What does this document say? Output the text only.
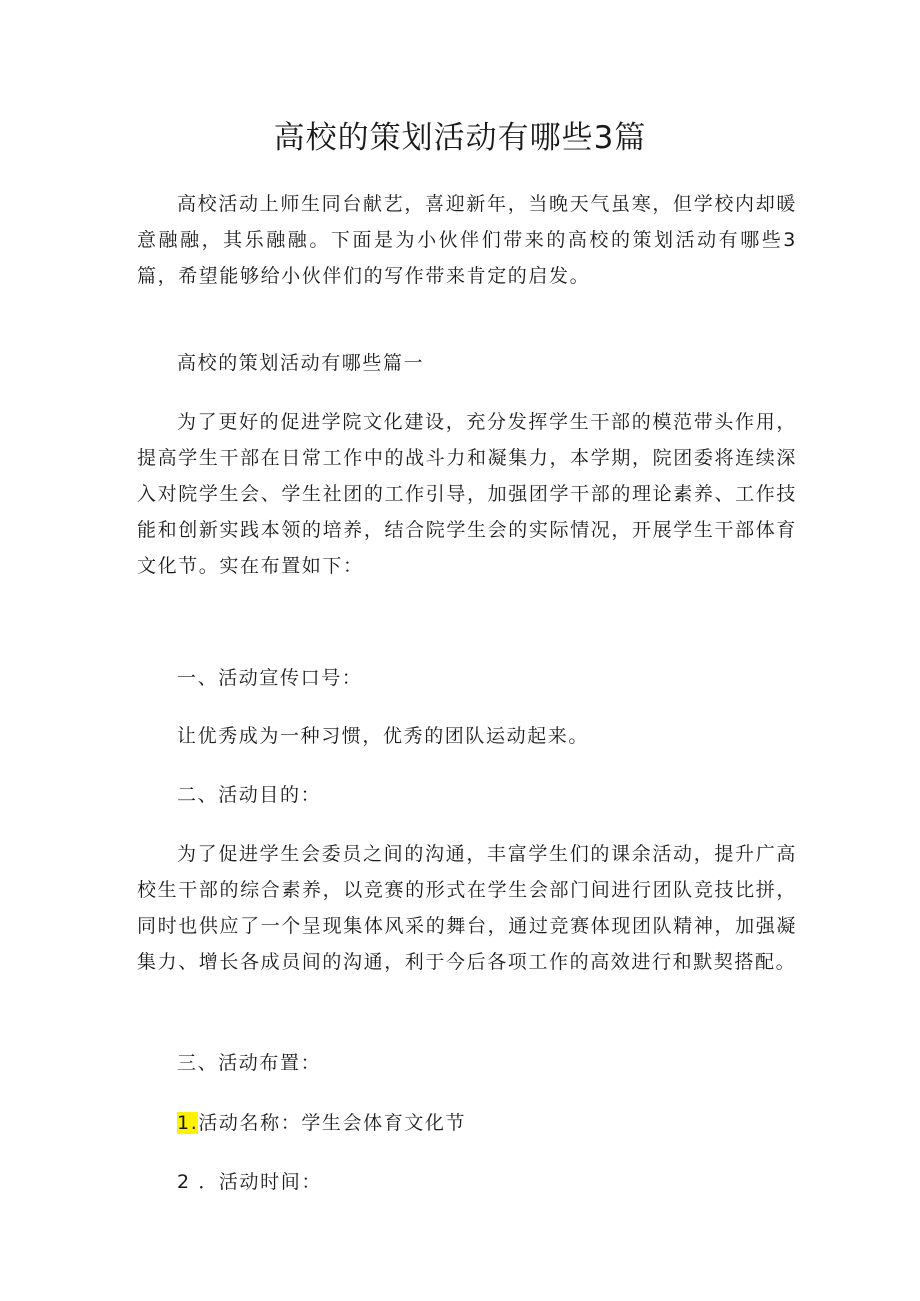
高校的策划活动有哪些3篇

高校活动上师生同台献艺，喜迎新年，当晚天气虽寒，但学校内却暖意融融，其乐融融。下面是为小伙伴们带来的高校的策划活动有哪些3篇，希望能够给小伙伴们的写作带来肯定的启发。

高校的策划活动有哪些篇一

为了更好的促进学院文化建设，充分发挥学生干部的模范带头作用，提高学生干部在日常工作中的战斗力和凝集力，本学期，院团委将连续深入对院学生会、学生社团的工作引导，加强团学干部的理论素养、工作技能和创新实践本领的培养，结合院学生会的实际情况，开展学生干部体育文化节。实在布置如下：

一、活动宣传口号：

让优秀成为一种习惯，优秀的团队运动起来。

二、活动目的：

为了促进学生会委员之间的沟通，丰富学生们的课余活动，提升广高校生干部的综合素养，以竞赛的形式在学生会部门间进行团队竞技比拼，同时也供应了一个呈现集体风采的舞台，通过竞赛体现团队精神，加强凝集力、增长各成员间的沟通，利于今后各项工作的高效进行和默契搭配。

三、活动布置：

1.活动名称：学生会体育文化节

2 ．活动时间：
